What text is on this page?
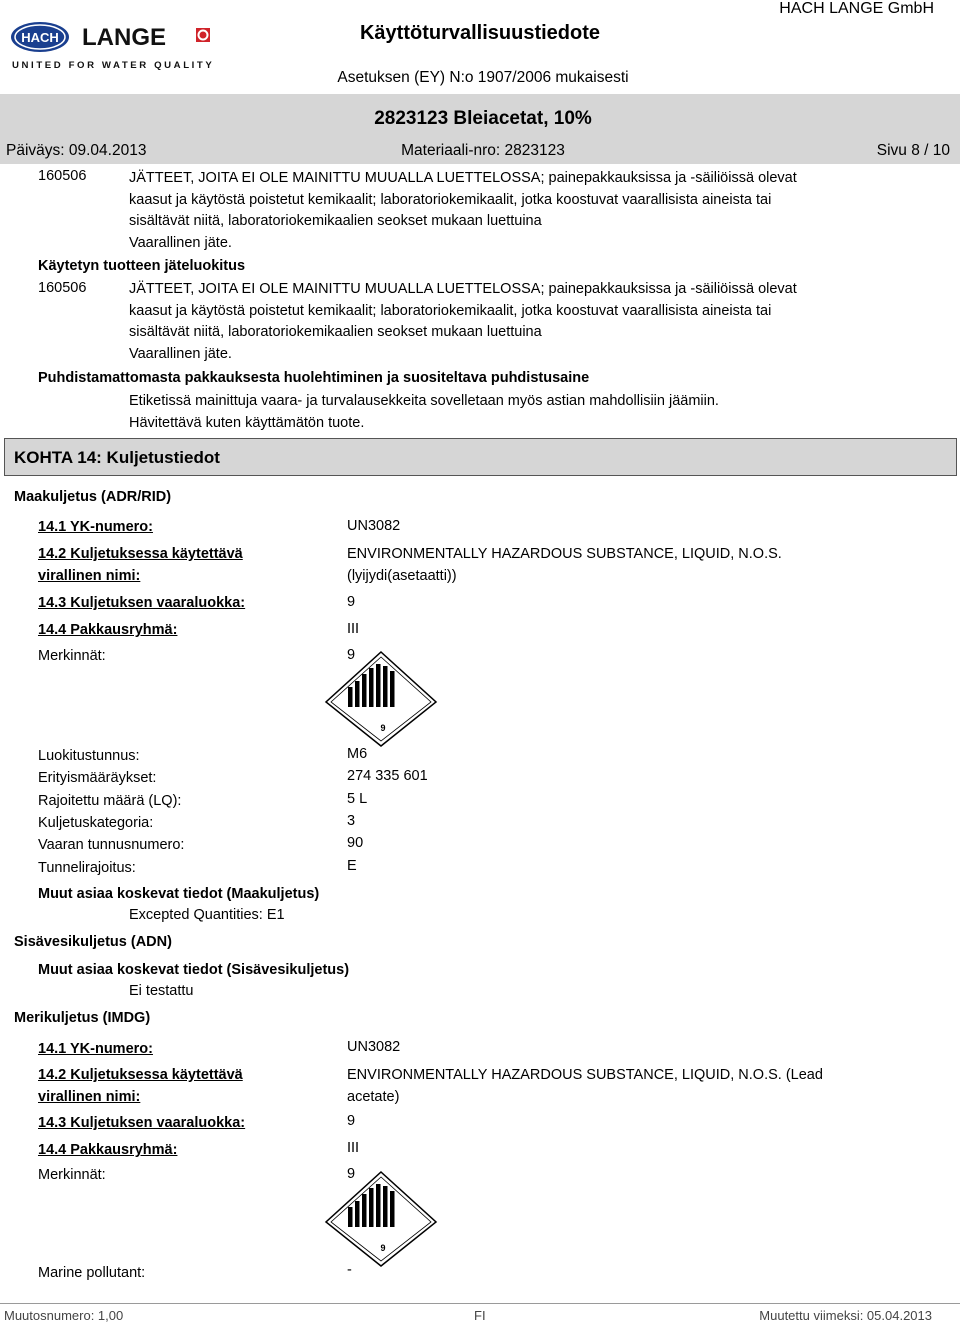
HACH LANGE
UNITED FOR WATER QUALITY
Käyttöturvallisuustiedote
HACH LANGE GmbH
Asetuksen (EY) N:o 1907/2006 mukaisesti
2823123 Bleiacetat, 10%
Päiväys: 09.04.2013	Materiaali-nro: 2823123	Sivu 8 / 10
160506	JÄTTEET, JOITA EI OLE MAINITTU MUUALLA LUETTELOSSA; painepakkauksissa ja -säiliöissä olevat
kaasut ja käytöstä poistetut kemikaalit; laboratoriokemikaalit, jotka koostuvat vaarallisista aineista tai
sisältävät niitä, laboratoriokemikaalien seokset mukaan luettuina
Vaarallinen jäte.
Käytetyn tuotteen jäteluokitus
160506	JÄTTEET, JOITA EI OLE MAINITTU MUUALLA LUETTELOSSA; painepakkauksissa ja -säiliöissä olevat
kaasut ja käytöstä poistetut kemikaalit; laboratoriokemikaalit, jotka koostuvat vaarallisista aineista tai
sisältävät niitä, laboratoriokemikaalien seokset mukaan luettuina
Vaarallinen jäte.
Puhdistamattomasta pakkauksesta huolehtiminen ja suositeltava puhdistusaine
Etiketissä mainittuja vaara- ja turvalausekkeita sovelletaan myös astian mahdollisiin jäämiin.
Hävitettävä kuten käyttämätön tuote.
KOHTA 14: Kuljetustiedot
Maakuljetus (ADR/RID)
14.1 YK-numero:	UN3082
14.2 Kuljetuksessa käytettävä
virallinen nimi:
ENVIRONMENTALLY HAZARDOUS SUBSTANCE, LIQUID, N.O.S.
(lyijydi(asetaatti))
14.3 Kuljetuksen vaaraluokka:	9
14.4 Pakkausryhmä:	III
Merkinnät:	9
9
Luokitustunnus:	M6
Erityismääräykset:	274 335 601
Rajoitettu määrä (LQ):	5 L
Kuljetuskategoria:	3
Vaaran tunnusnumero:	90
Tunnelirajoitus:	E
Muut asiaa koskevat tiedot (Maakuljetus)
Excepted Quantities: E1
Sisävesikuljetus (ADN)
Muut asiaa koskevat tiedot (Sisävesikuljetus)
Ei testattu
Merikuljetus (IMDG)
14.1 YK-numero:	UN3082
14.2 Kuljetuksessa käytettävä
virallinen nimi:
ENVIRONMENTALLY HAZARDOUS SUBSTANCE, LIQUID, N.O.S. (Lead
acetate)
14.3 Kuljetuksen vaaraluokka:	9
14.4 Pakkausryhmä:	III
Merkinnät:	9
9
Marine pollutant:	-
Muutosnumero: 1,00	FI	Muutettu viimeksi: 05.04.2013
